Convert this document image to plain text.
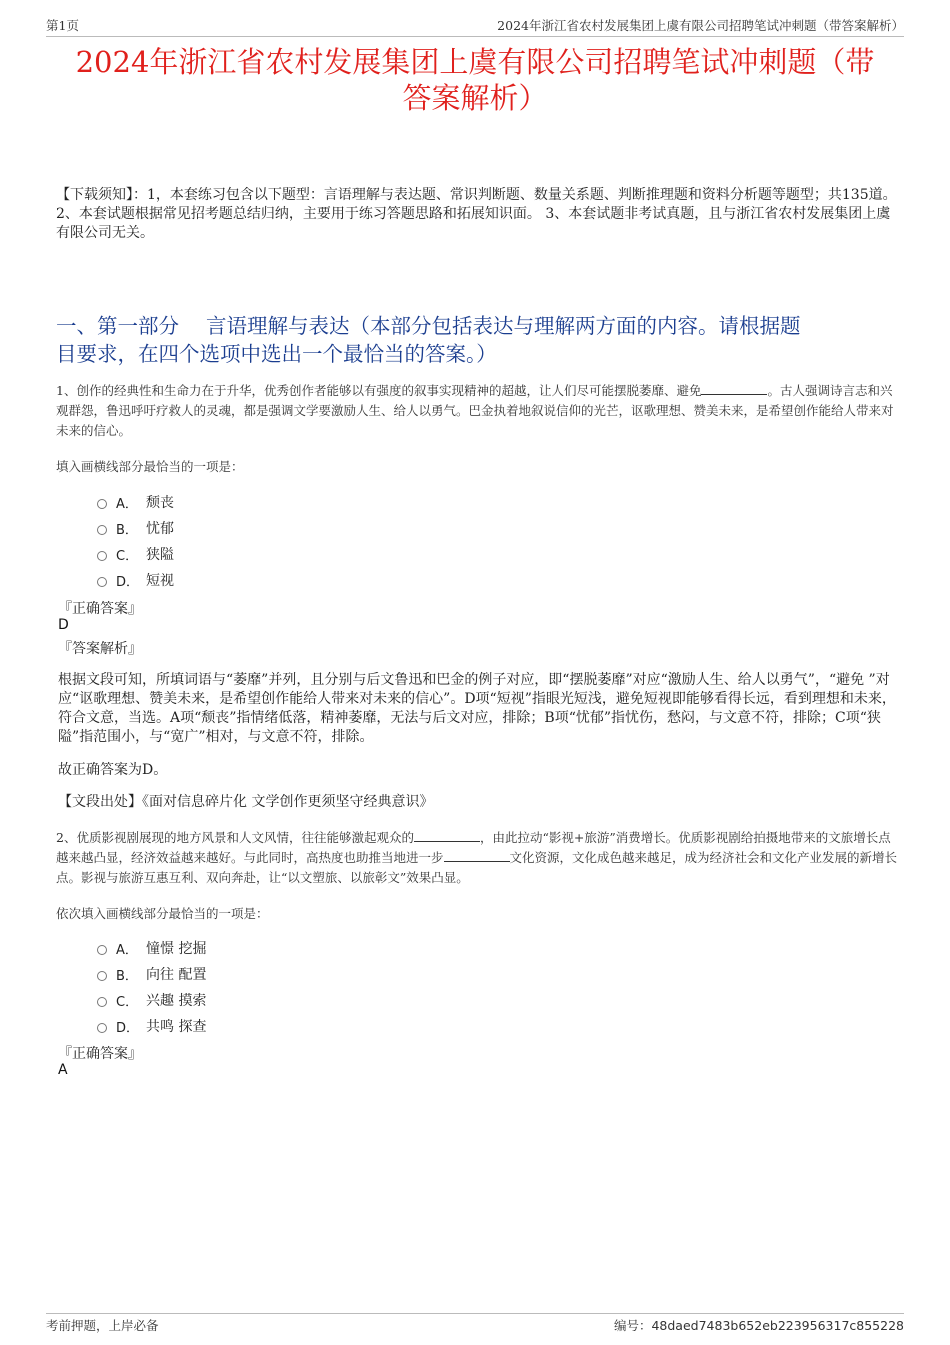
第1页	2024年浙江省农村发展集团上虞有限公司招聘笔试冲刺题（带答案解析）
2024年浙江省农村发展集团上虞有限公司招聘笔试冲刺题（带
答案解析）
【下载须知】：1，本套练习包含以下题型：言语理解与表达题、常识判断题、数量关系题、判断推理题和资料分析题等题型；共135道。 2、本套试题根据常见招考题总结归纳，主要用于练习答题思路和拓展知识面。 3、本套试题非考试真题，且与浙江省农村发展集团上虞有限公司无关。
一、第一部分　 言语理解与表达（本部分包括表达与理解两方面的内容。请根据题
目要求，在四个选项中选出一个最恰当的答案。）
1、创作的经典性和生命力在于升华，优秀创作者能够以有强度的叙事实现精神的超越，让人们尽可能摆脱萎靡、避免	。古人强调诗言志和兴观群怨，鲁迅呼吁疗救人的灵魂，都是强调文学要激励人生、给人以勇气。巴金执着地叙说信仰的光芒，讴歌理想、赞美未来，是希望创作能给人带来对未来的信心。
填入画横线部分最恰当的一项是：
A． 颓丧
B． 忧郁
C． 狭隘
D． 短视
『正确答案』
D
『答案解析』
根据文段可知，所填词语与“萎靡”并列，且分别与后文鲁迅和巴金的例子对应，即“摆脱萎靡”对应“激励人生、给人以勇气”，“避免 ”对应“讴歌理想、赞美未来，是希望创作能给人带来对未来的信心”。D项“短视”指眼光短浅，避免短视即能够看得长远，看到理想和未来，符合文意，当选。A项“颓丧”指情绪低落，精神萎靡，无法与后文对应，排除；B项“忧郁”指忧伤，愁闷，与文意不符，排除；C项“狭隘”指范围小，与“宽广”相对，与文意不符，排除。
故正确答案为D。
【文段出处】《面对信息碎片化 文学创作更须坚守经典意识》
2、优质影视剧展现的地方风景和人文风情，往往能够激起观众的	，由此拉动“影视+旅游”消费增长。优质影视剧给拍摄地带来的文旅增长点越来越凸显，经济效益越来越好。与此同时，高热度也助推当地进一步	文化资源，文化成色越来越足，成为经济社会和文化产业发展的新增长点。影视与旅游互惠互利、双向奔赴，让“以文塑旅、以旅彰文”效果凸显。
依次填入画横线部分最恰当的一项是：
A． 憧憬 挖掘
B． 向往 配置
C． 兴趣 摸索
D． 共鸣 探查
『正确答案』
A
考前押题，上岸必备	编号：48daed7483b652eb223956317c855228
